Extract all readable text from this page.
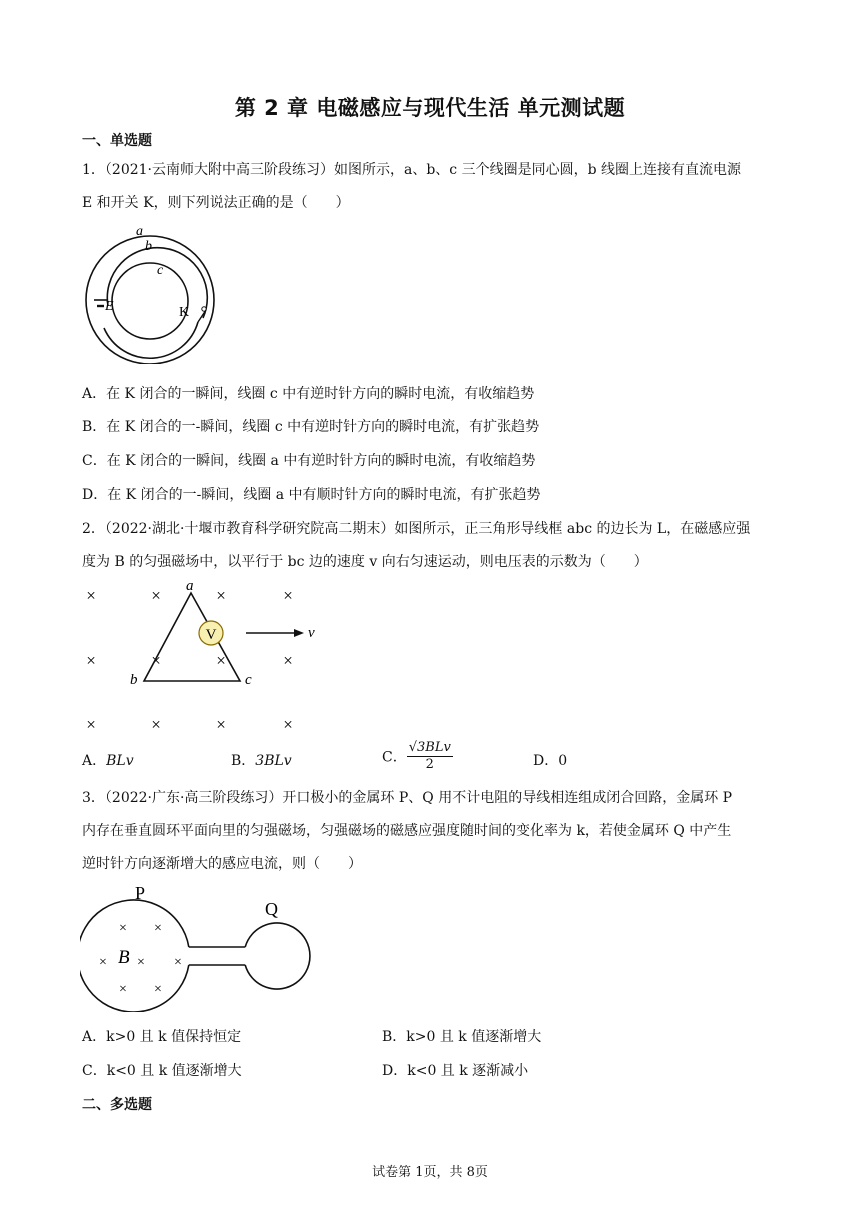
第 2 章 电磁感应与现代生活 单元测试题
一、单选题
1．（2021·云南师大附中高三阶段练习）如图所示，a、b、c 三个线圈是同心圆，b 线圈上连接有直流电源
E 和开关 K，则下列说法正确的是（　　）
a
b
c
E	K
A．在 K 闭合的一瞬间，线圈 c 中有逆时针方向的瞬时电流，有收缩趋势
B．在 K 闭合的一-瞬间，线圈 c 中有逆时针方向的瞬时电流，有扩张趋势
C．在 K 闭合的一瞬间，线圈 a 中有逆时针方向的瞬时电流，有收缩趋势
D．在 K 闭合的一-瞬间，线圈 a 中有顺时针方向的瞬时电流，有扩张趋势
2．（2022·湖北·十堰市教育科学研究院高二期末）如图所示，正三角形导线框 abc 的边长为 L，在磁感应强
度为 B 的匀强磁场中，以平行于 bc 边的速度 v 向右匀速运动，则电压表的示数为（　　）
×	×	×	×
×	×	×	×
×	×	×	×
V
a
b	c
v
A．BLv	B．3BLv	C． $\frac{\text{√3BLv}}{2}$	D．0
3．（2022·广东·高三阶段练习）开口极小的金属环 P、Q 用不计电阻的导线相连组成闭合回路，金属环 P
内存在垂直圆环平面向里的匀强磁场，匀强磁场的磁感应强度随时间的变化率为 k，若使金属环 Q 中产生
逆时针方向逐渐增大的感应电流，则（　　）
× ×
× × ×
× ×
B
P
Q
A．k>0 且 k 值保持恒定	B．k>0 且 k 值逐渐增大
C．k<0 且 k 值逐渐增大	D．k<0 且 k 逐渐减小
二、多选题
试卷第 1页，共 8页
